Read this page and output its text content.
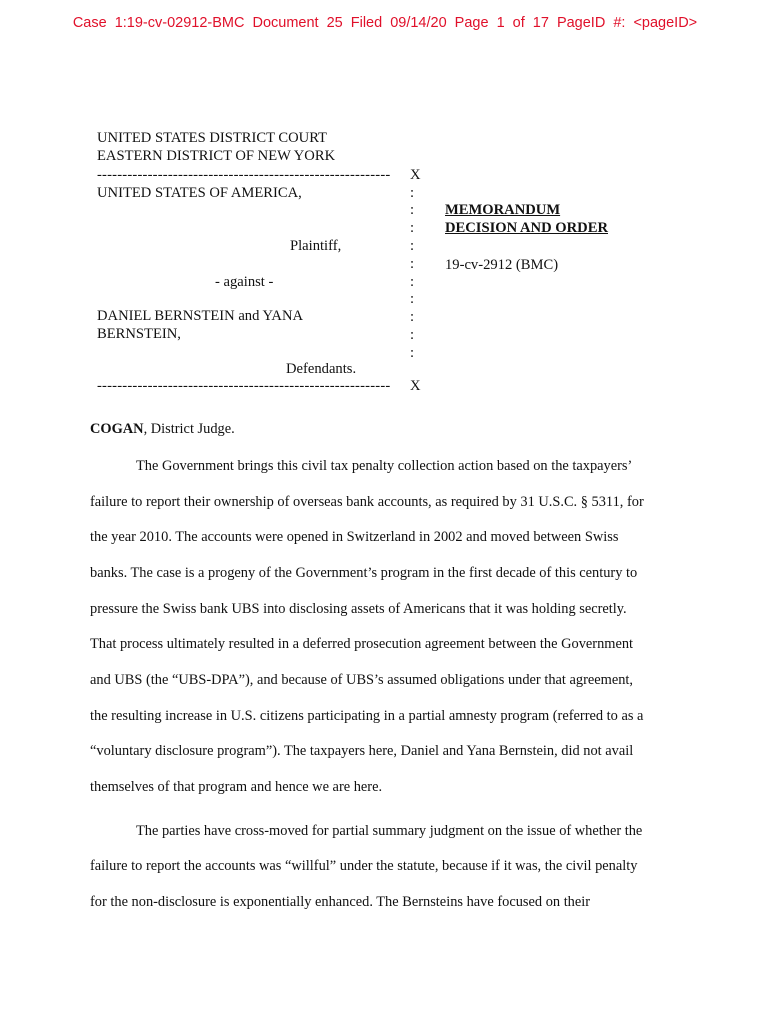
Case 1:19-cv-02912-BMC Document 25 Filed 09/14/20 Page 1 of 17 PageID #: <pageID>
UNITED STATES DISTRICT COURT
EASTERN DISTRICT OF NEW YORK
---------------------------------------------------------- X
UNITED STATES OF AMERICA,
Plaintiff,
- against -
DANIEL BERNSTEIN and YANA
BERNSTEIN,
Defendants.
---------------------------------------------------------- X
:
:
:
:
:
:
:
:
:
:
MEMORANDUM
DECISION AND ORDER
19-cv-2912 (BMC)
COGAN, District Judge.
The Government brings this civil tax penalty collection action based on the taxpayers’
failure to report their ownership of overseas bank accounts, as required by 31 U.S.C. § 5311, for
the year 2010. The accounts were opened in Switzerland in 2002 and moved between Swiss
banks. The case is a progeny of the Government’s program in the first decade of this century to
pressure the Swiss bank UBS into disclosing assets of Americans that it was holding secretly.
That process ultimately resulted in a deferred prosecution agreement between the Government
and UBS (the “UBS-DPA”), and because of UBS’s assumed obligations under that agreement,
the resulting increase in U.S. citizens participating in a partial amnesty program (referred to as a
“voluntary disclosure program”). The taxpayers here, Daniel and Yana Bernstein, did not avail
themselves of that program and hence we are here.
The parties have cross-moved for partial summary judgment on the issue of whether the
failure to report the accounts was “willful” under the statute, because if it was, the civil penalty
for the non-disclosure is exponentially enhanced. The Bernsteins have focused on their
